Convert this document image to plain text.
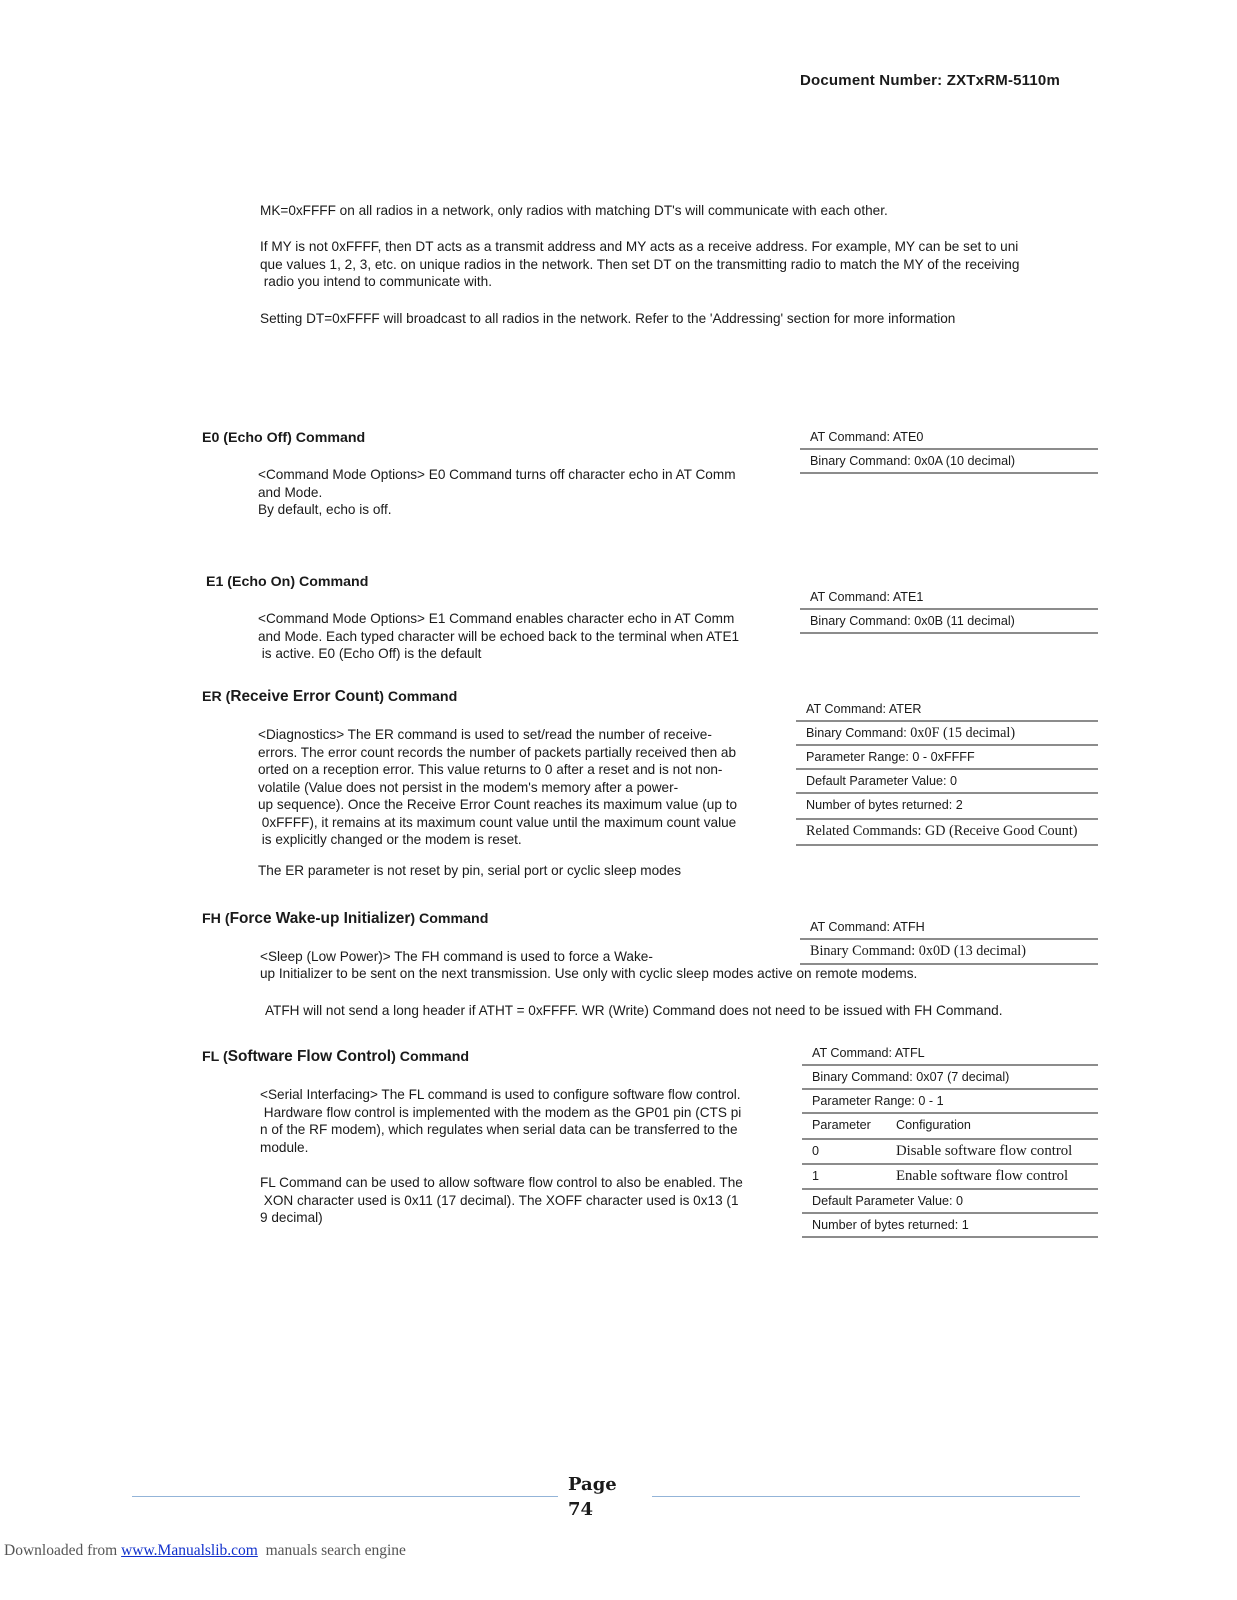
Document Number: ZXTxRM-5110m
MK=0xFFFF on all radios in a network, only radios with matching DT's will communicate with each other.
If MY is not 0xFFFF, then DT acts as a transmit address and MY acts as a receive address. For example, MY can be set to uni
que values 1, 2, 3, etc. on unique radios in the network. Then set DT on the transmitting radio to match the MY of the receiving
radio you intend to communicate with.
Setting DT=0xFFFF will broadcast to all radios in the network. Refer to the 'Addressing' section for more information
E0 (Echo Off) Command
<Command Mode Options> E0 Command turns off character echo in AT Comm
and Mode.
By default, echo is off.
AT Command: ATE0
Binary Command: 0x0A (10 decimal)
E1 (Echo On) Command
<Command Mode Options> E1 Command enables character echo in AT Comm
and Mode. Each typed character will be echoed back to the terminal when ATE1
is active. E0 (Echo Off) is the default
AT Command: ATE1
Binary Command: 0x0B (11 decimal)
ER (Receive Error Count) Command
<Diagnostics> The ER command is used to set/read the number of receive-
errors. The error count records the number of packets partially received then ab
orted on a reception error. This value returns to 0 after a reset and is not non-
volatile (Value does not persist in the modem's memory after a power-
up sequence). Once the Receive Error Count reaches its maximum value (up to
0xFFFF), it remains at its maximum count value until the maximum count value
is explicitly changed or the modem is reset.
The ER parameter is not reset by pin, serial port or cyclic sleep modes
AT Command: ATER
Binary Command: 0x0F (15 decimal)
Parameter Range: 0 - 0xFFFF
Default Parameter Value: 0
Number of bytes returned: 2
Related Commands: GD (Receive Good Count)
FH (Force Wake-up Initializer) Command
<Sleep (Low Power)> The FH command is used to force a Wake-
up Initializer to be sent on the next transmission. Use only with cyclic sleep modes active on remote modems.
ATFH will not send a long header if ATHT = 0xFFFF. WR (Write) Command does not need to be issued with FH Command.
AT Command: ATFH
Binary Command: 0x0D (13 decimal)
FL (Software Flow Control) Command
<Serial Interfacing> The FL command is used to configure software flow control.
Hardware flow control is implemented with the modem as the GP01 pin (CTS pi
n of the RF modem), which regulates when serial data can be transferred to the
module.
FL Command can be used to allow software flow control to also be enabled. The
XON character used is 0x11 (17 decimal). The XOFF character used is 0x13 (1
9 decimal)
AT Command: ATFL
Binary Command: 0x07 (7 decimal)
Parameter Range: 0 - 1
Parameter	Configuration
0	Disable software flow control
1	Enable software flow control
Default Parameter Value: 0
Number of bytes returned: 1
Page
74
Downloaded from www.Manualslib.com  manuals search engine
